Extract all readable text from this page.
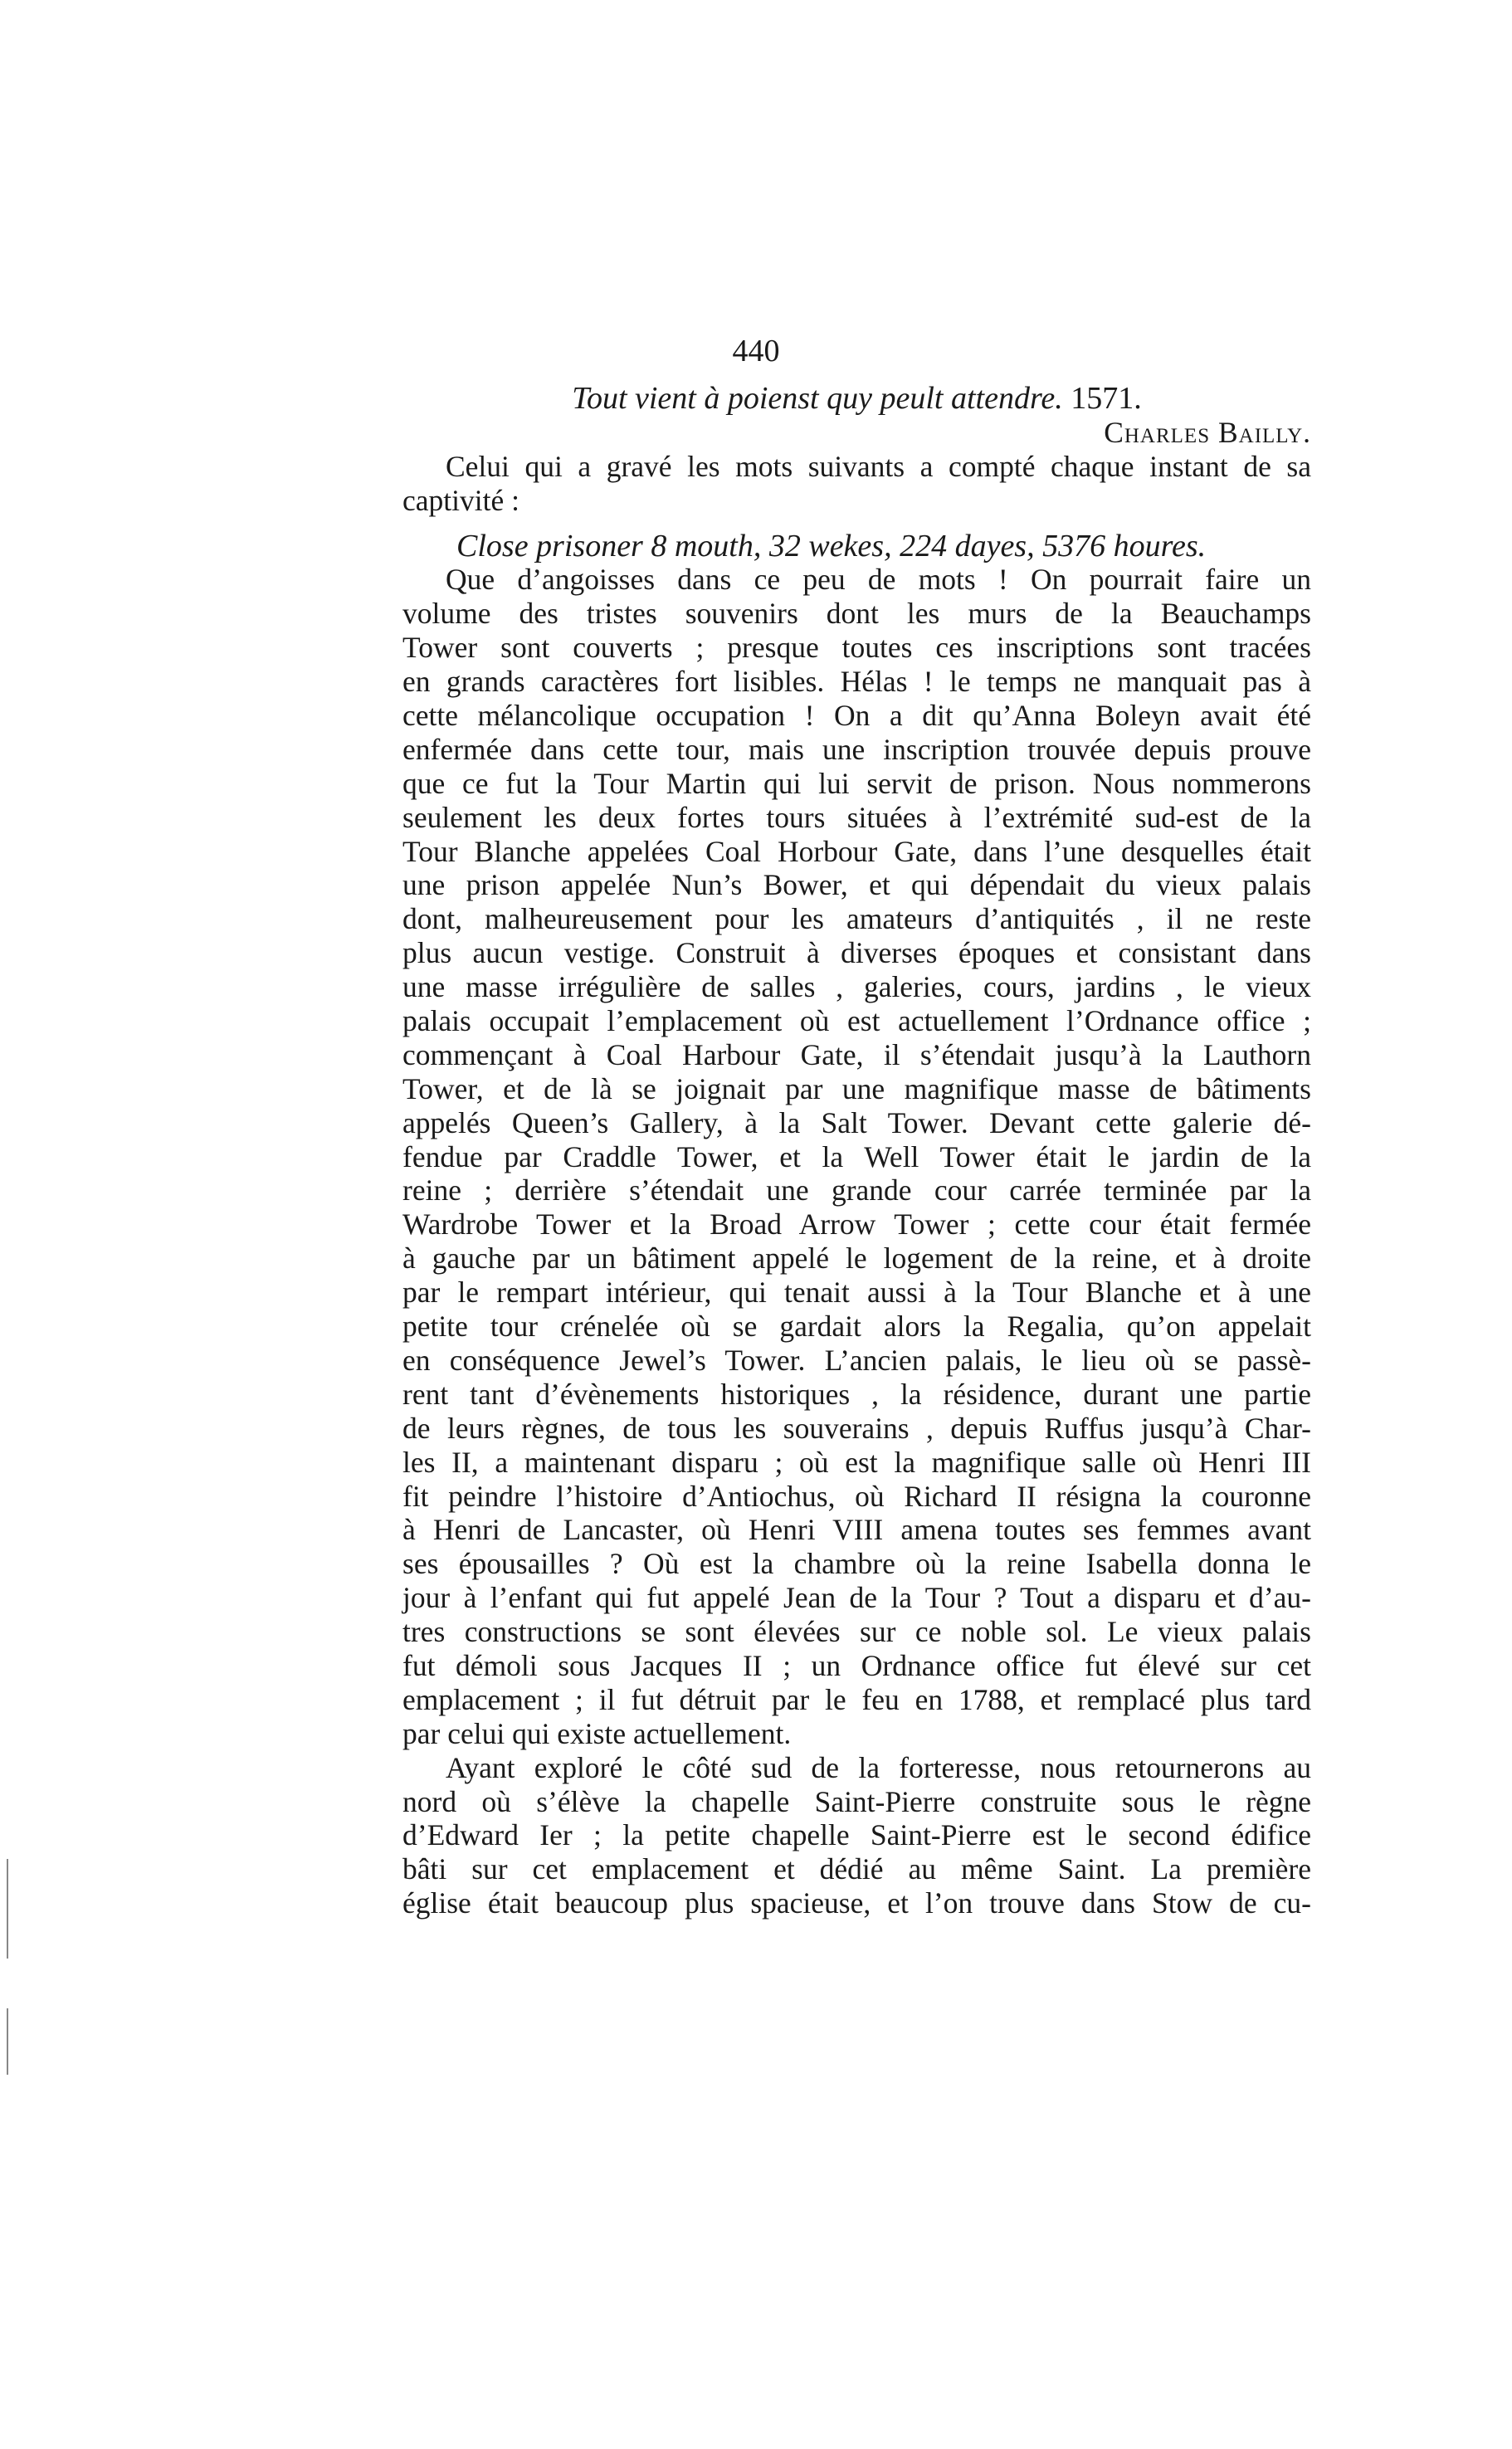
440
Tout vient à poienst quy peult attendre. 1571.
Charles Bailly.
Celui qui a gravé les mots suivants a compté chaque instant de sa
captivité :
Close prisoner 8 mouth, 32 wekes, 224 dayes, 5376 houres.
Que d’angoisses dans ce peu de mots ! On pourrait faire un
volume des tristes souvenirs dont les murs de la Beauchamps
Tower sont couverts ; presque toutes ces inscriptions sont tracées
en grands caractères fort lisibles. Hélas ! le temps ne manquait pas à
cette mélancolique occupation ! On a dit qu’Anna Boleyn avait été
enfermée dans cette tour, mais une inscription trouvée depuis prouve
que ce fut la Tour Martin qui lui servit de prison. Nous nommerons
seulement les deux fortes tours situées à l’extrémité sud-est de la
Tour Blanche appelées Coal Horbour Gate, dans l’une desquelles était
une prison appelée Nun’s Bower, et qui dépendait du vieux palais
dont, malheureusement pour les amateurs d’antiquités , il ne reste
plus aucun vestige. Construit à diverses époques et consistant dans
une masse irrégulière de salles , galeries, cours, jardins , le vieux
palais occupait l’emplacement où est actuellement l’Ordnance office ;
commençant à Coal Harbour Gate, il s’étendait jusqu’à la Lauthorn
Tower, et de là se joignait par une magnifique masse de bâtiments
appelés Queen’s Gallery, à la Salt Tower. Devant cette galerie dé-
fendue par Craddle Tower, et la Well Tower était le jardin de la
reine ; derrière s’étendait une grande cour carrée terminée par la
Wardrobe Tower et la Broad Arrow Tower ; cette cour était fermée
à gauche par un bâtiment appelé le logement de la reine, et à droite
par le rempart intérieur, qui tenait aussi à la Tour Blanche et à une
petite tour crénelée où se gardait alors la Regalia, qu’on appelait
en conséquence Jewel’s Tower. L’ancien palais, le lieu où se passè-
rent tant d’évènements historiques , la résidence, durant une partie
de leurs règnes, de tous les souverains , depuis Ruffus jusqu’à Char-
les II, a maintenant disparu ; où est la magnifique salle où Henri III
fit peindre l’histoire d’Antiochus, où Richard II résigna la couronne
à Henri de Lancaster, où Henri VIII amena toutes ses femmes avant
ses épousailles ? Où est la chambre où la reine Isabella donna le
jour à l’enfant qui fut appelé Jean de la Tour ? Tout a disparu et d’au-
tres constructions se sont élevées sur ce noble sol. Le vieux palais
fut démoli sous Jacques II ; un Ordnance office fut élevé sur cet
emplacement ; il fut détruit par le feu en 1788, et remplacé plus tard
par celui qui existe actuellement.
Ayant exploré le côté sud de la forteresse, nous retournerons au
nord où s’élève la chapelle Saint-Pierre construite sous le règne
d’Edward Ier ; la petite chapelle Saint-Pierre est le second édifice
bâti sur cet emplacement et dédié au même Saint. La première
église était beaucoup plus spacieuse, et l’on trouve dans Stow de cu-
